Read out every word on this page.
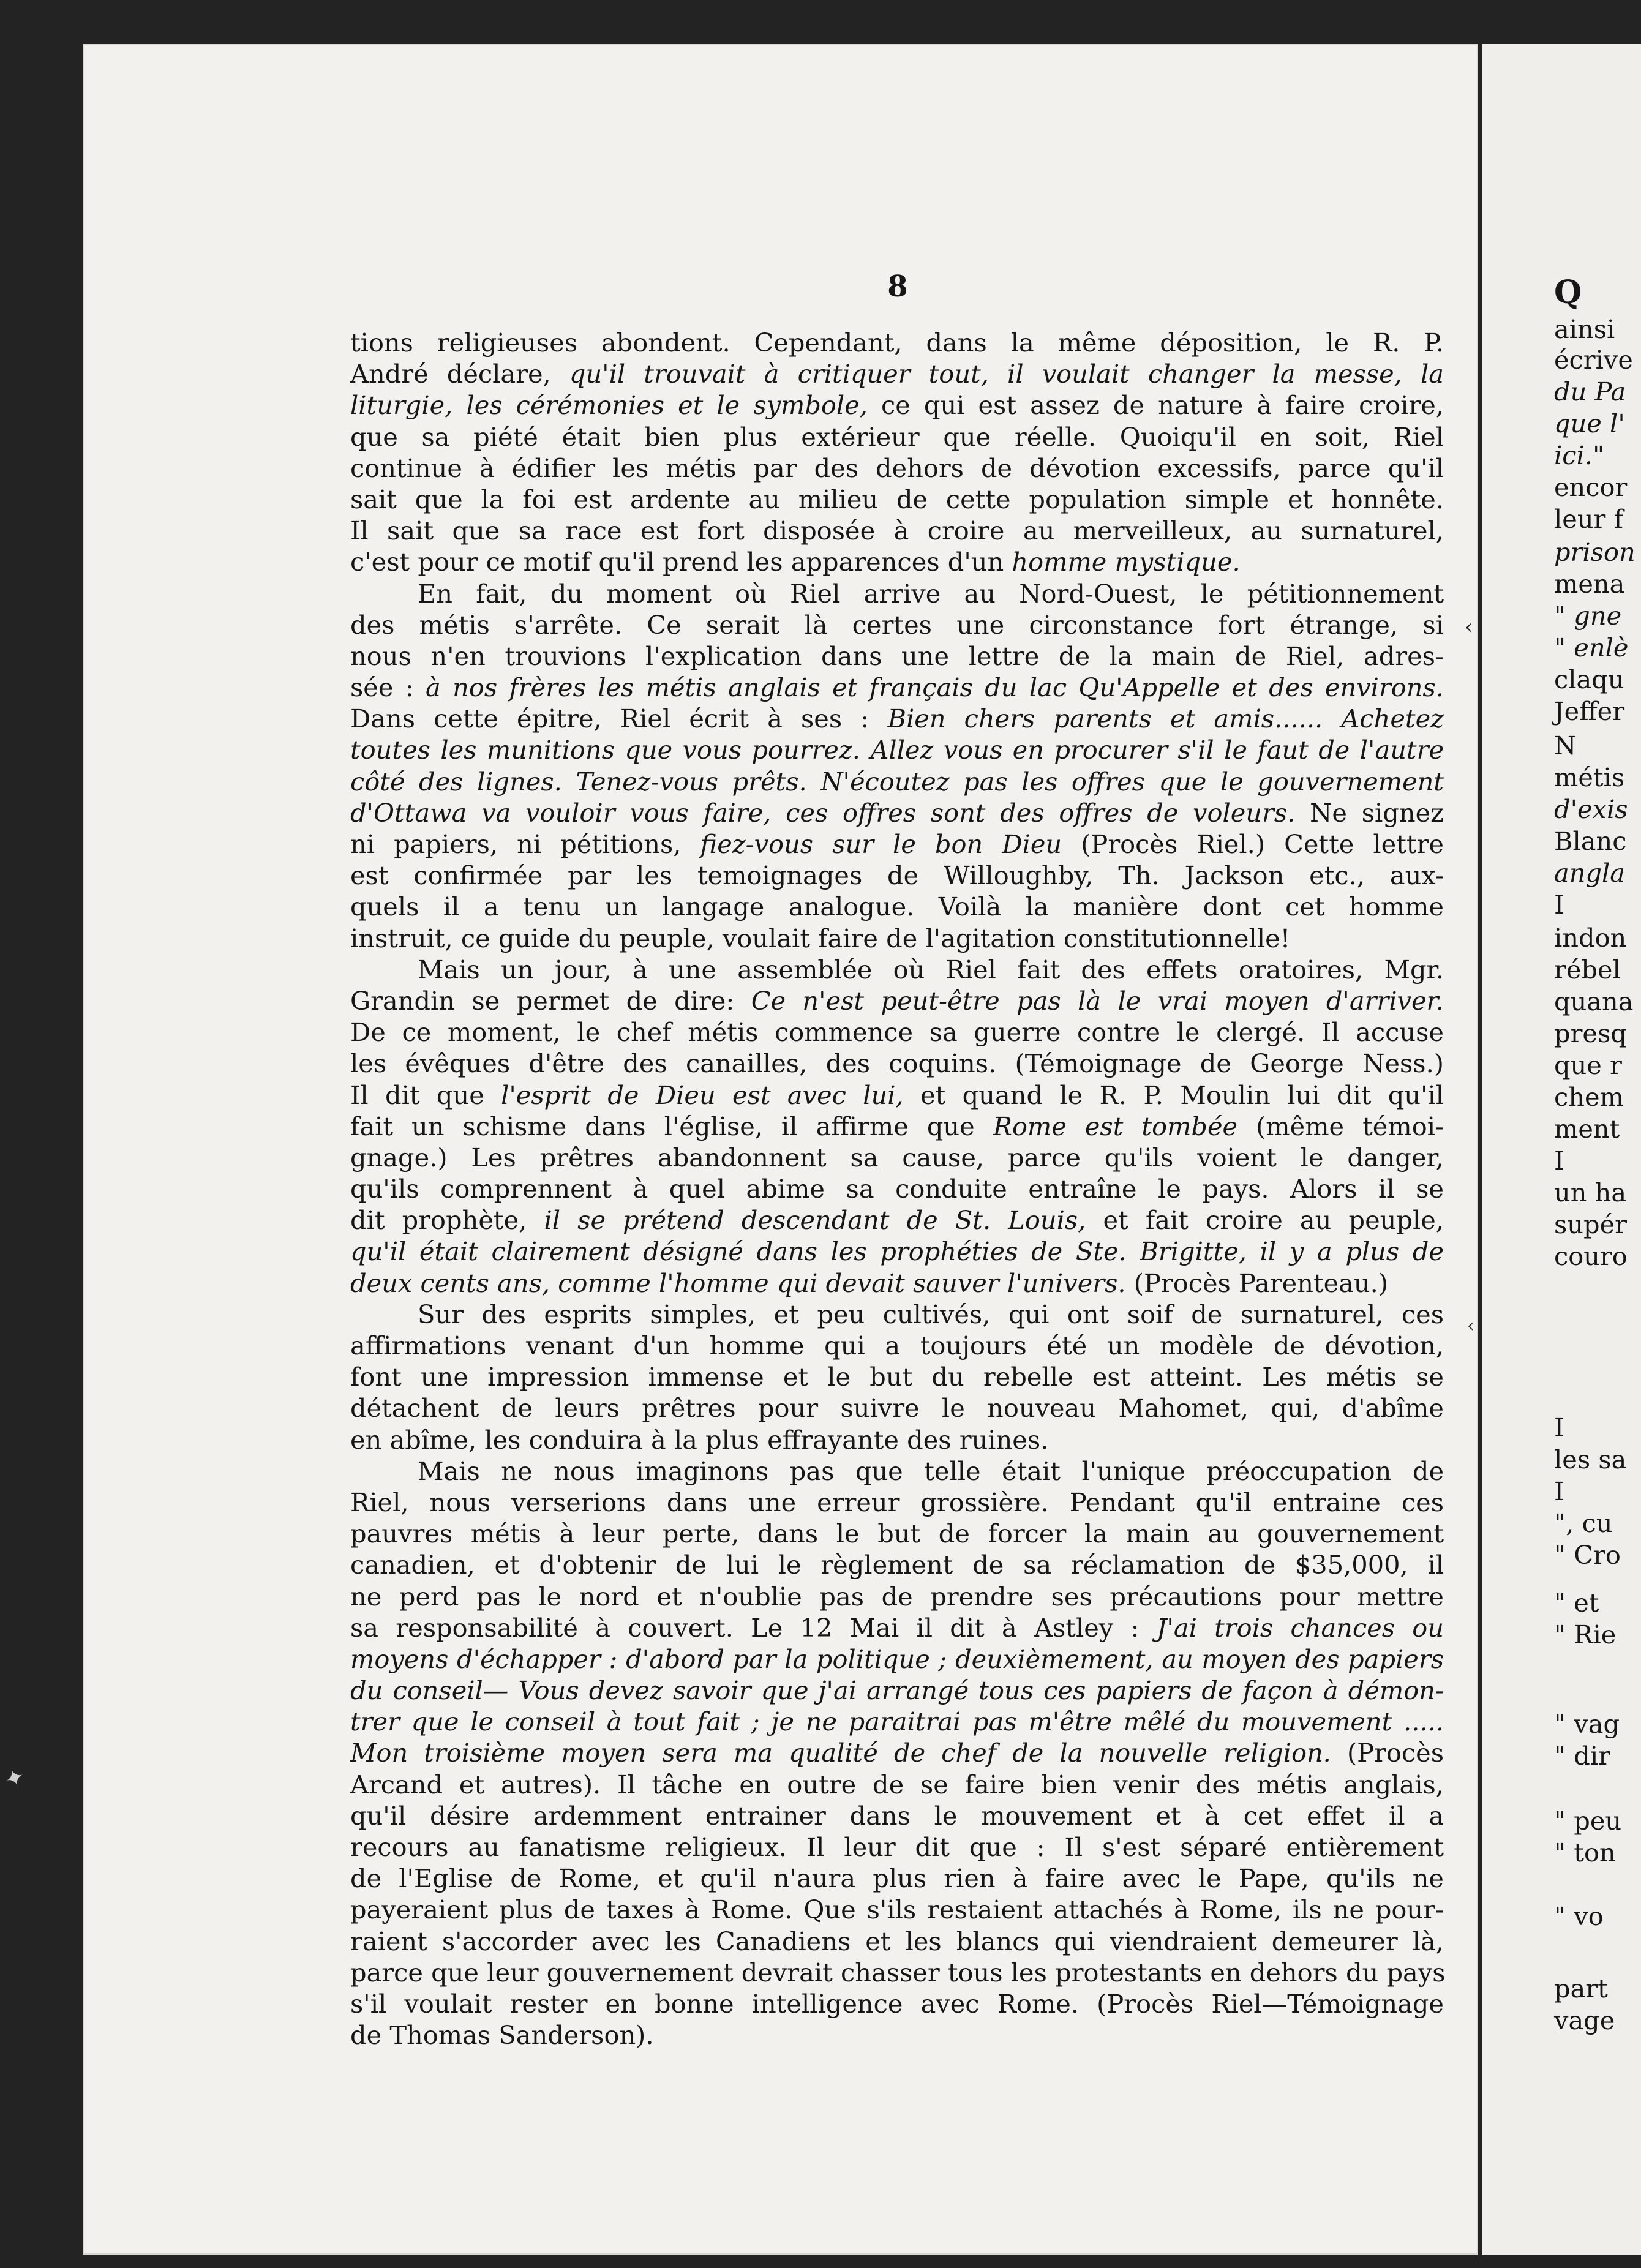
8
tions religieuses abondent. Cependant, dans la même déposition, le R. P.
André déclare, qu'il trouvait à critiquer tout, il voulait changer la messe, la
liturgie, les cérémonies et le symbole, ce qui est assez de nature à faire croire,
que sa piété était bien plus extérieur que réelle. Quoiqu'il en soit, Riel
continue à édifier les métis par des dehors de dévotion excessifs, parce qu'il
sait que la foi est ardente au milieu de cette population simple et honnête.
Il sait que sa race est fort disposée à croire au merveilleux, au surnaturel,
c'est pour ce motif qu'il prend les apparences d'un homme mystique.
En fait, du moment où Riel arrive au Nord-Ouest, le pétitionnement
des métis s'arrête. Ce serait là certes une circonstance fort étrange, si
nous n'en trouvions l'explication dans une lettre de la main de Riel, adres-
sée : à nos frères les métis anglais et français du lac Qu'Appelle et des environs.
Dans cette épitre, Riel écrit à ses : Bien chers parents et amis...... Achetez
toutes les munitions que vous pourrez. Allez vous en procurer s'il le faut de l'autre
côté des lignes. Tenez-vous prêts. N'écoutez pas les offres que le gouvernement
d'Ottawa va vouloir vous faire, ces offres sont des offres de voleurs. Ne signez
ni papiers, ni pétitions, fiez-vous sur le bon Dieu (Procès Riel.) Cette lettre
est confirmée par les temoignages de Willoughby, Th. Jackson etc., aux-
quels il a tenu un langage analogue. Voilà la manière dont cet homme
instruit, ce guide du peuple, voulait faire de l'agitation constitutionnelle!
Mais un jour, à une assemblée où Riel fait des effets oratoires, Mgr.
Grandin se permet de dire: Ce n'est peut-être pas là le vrai moyen d'arriver.
De ce moment, le chef métis commence sa guerre contre le clergé. Il accuse
les évêques d'être des canailles, des coquins. (Témoignage de George Ness.)
Il dit que l'esprit de Dieu est avec lui, et quand le R. P. Moulin lui dit qu'il
fait un schisme dans l'église, il affirme que Rome est tombée (même témoi-
gnage.) Les prêtres abandonnent sa cause, parce qu'ils voient le danger,
qu'ils comprennent à quel abime sa conduite entraîne le pays. Alors il se
dit prophète, il se prétend descendant de St. Louis, et fait croire au peuple,
qu'il était clairement désigné dans les prophéties de Ste. Brigitte, il y a plus de
deux cents ans, comme l'homme qui devait sauver l'univers. (Procès Parenteau.)
Sur des esprits simples, et peu cultivés, qui ont soif de surnaturel, ces
affirmations venant d'un homme qui a toujours été un modèle de dévotion,
font une impression immense et le but du rebelle est atteint. Les métis se
détachent de leurs prêtres pour suivre le nouveau Mahomet, qui, d'abîme
en abîme, les conduira à la plus effrayante des ruines.
Mais ne nous imaginons pas que telle était l'unique préoccupation de
Riel, nous verserions dans une erreur grossière. Pendant qu'il entraine ces
pauvres métis à leur perte, dans le but de forcer la main au gouvernement
canadien, et d'obtenir de lui le règlement de sa réclamation de $35,000, il
ne perd pas le nord et n'oublie pas de prendre ses précautions pour mettre
sa responsabilité à couvert. Le 12 Mai il dit à Astley : J'ai trois chances ou
moyens d'échapper : d'abord par la politique ; deuxièmement, au moyen des papiers
du conseil— Vous devez savoir que j'ai arrangé tous ces papiers de façon à démon-
trer que le conseil à tout fait ; je ne paraitrai pas m'être mêlé du mouvement .....
Mon troisième moyen sera ma qualité de chef de la nouvelle religion. (Procès
Arcand et autres). Il tâche en outre de se faire bien venir des métis anglais,
qu'il désire ardemment entrainer dans le mouvement et à cet effet il a
recours au fanatisme religieux. Il leur dit que : Il s'est séparé entièrement
de l'Eglise de Rome, et qu'il n'aura plus rien à faire avec le Pape, qu'ils ne
payeraient plus de taxes à Rome. Que s'ils restaient attachés à Rome, ils ne pour-
raient s'accorder avec les Canadiens et les blancs qui viendraient demeurer là,
parce que leur gouvernement devrait chasser tous les protestants en dehors du pays
s'il voulait rester en bonne intelligence avec Rome. (Procès Riel—Témoignage
de Thomas Sanderson).
Q
ainsi
écrive
du Pa
que l'
ici."
encor
leur f
prison
mena
" gne
" enlè
claqu
Jeffer
N
métis
d'exis
Blanc
angla
I
indon
rébel
quana
presq
que r
chem
ment
I
un ha
supér
couro
I
les sa
I
", cu
" Cro
" et
" Rie
" vag
" dir
" peu
" ton
" vo
part
vage
‹
‹
✦
